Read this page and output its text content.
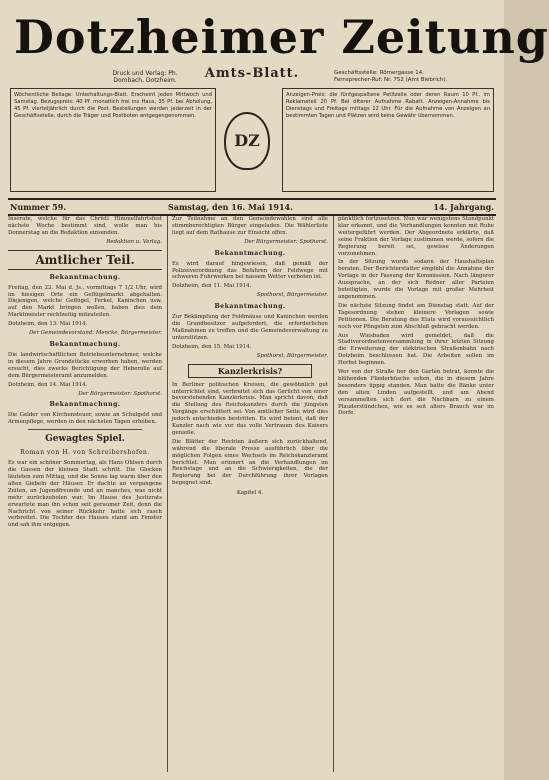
Dotzheimer Zeitung
Druck und Verlag: Ph. Dombach, Dotzheim.	Amts-Blatt.	Geschäftsstelle: Römergasse 14.
Fernsprecher-Ruf: Nr. 752 (Amt Biebrich).
Wöchentliche Beilage: Unterhaltungs-Blatt. Erscheint jeden Mittwoch und Samstag. Bezugspreis: 40 Pf. monatlich frei ins Haus, 35 Pf. bei Abholung, 45 Pf. vierteljährlich durch die Post. Bestellungen werden jederzeit in der Geschäftsstelle, durch die Träger und Postboten entgegengenommen.
DZ
Anzeigen-Preis: die fünfgespaltene Petitzeile oder deren Raum 10 Pf., im Reklameteil 20 Pf. Bei öfterer Aufnahme Rabatt. Anzeigen-Annahme bis Dienstags und Freitags mittags 12 Uhr. Für die Aufnahme von Anzeigen an bestimmten Tagen und Plätzen wird keine Gewähr übernommen.
Nummer 59.	Samstag, den 16. Mai 1914.	14. Jahrgang.

Inserate, welche für das Christi Himmelfahrtsfest nächste Woche bestimmt sind, wolle man bis Donnerstag an die Redaktion einsenden.

Redaktion u. Verlag.
Amtlicher Teil.
Bekanntmachung.

Freitag, den 22. Mai d. Js., vormittags 7 1/2 Uhr, wird im hiesigen Orte ein Geflügelmarkt abgehalten. Diejenigen, welche Geflügel, Ferkel, Kaninchen usw. auf den Markt bringen wollen, haben dies dem Marktmeister rechtzeitig mitzuteilen.

Dotzheim, den 13. Mai 1914.

Der Gemeindevorstand: Mencke, Bürgermeister.
Bekanntmachung.

Die landwirtschaftlichen Betriebsunternehmer, welche in diesem Jahre Grundstücke erworben haben, werden ersucht, dies zwecks Berichtigung der Heberolle auf dem Bürgermeisteramt anzumelden.

Dotzheim, den 14. Mai 1914.

Der Bürgermeister: Spothorst.
Bekanntmachung.

Die Gelder von Kirchensteuer, sowie an Schulgeld und Armenpflege, werden in den nächsten Tagen erhoben.

Gewagtes Spiel.
Roman von H. von Schreibershofen.

Es war ein schöner Sommertag, als Hans Ohlsen durch die Gassen der kleinen Stadt schritt. Die Glocken läuteten zum Mittag, und die Sonne lag warm über den alten Giebeln der Häuser. Er dachte an vergangene Zeiten, an Jugendfreunde und an manches, was nicht mehr zurückzuholen war. Im Hause des Justizrats erwartete man ihn schon seit geraumer Zeit, denn die Nachricht von seiner Rückkehr hatte sich rasch verbreitet. Die Tochter des Hauses stand am Fenster und sah ihm entgegen.

Zur Teilnahme an den Gemeindewahlen sind alle stimmberechtigten Bürger eingeladen. Die Wählerliste liegt auf dem Rathause zur Einsicht offen.

Der Bürgermeister: Spothorst.
Bekanntmachung.

Es wird darauf hingewiesen, daß gemäß der Polizeiverordnung das Befahren der Feldwege mit schweren Fuhrwerken bei nassem Wetter verboten ist.

Dotzheim, den 11. Mai 1914.

Spothorst, Bürgermeister.
Bekanntmachung.

Zur Bekämpfung der Feldmäuse und Kaninchen werden die Grundbesitzer aufgefordert, die erforderlichen Maßnahmen zu treffen und die Gemeindeverwaltung zu unterstützen.

Dotzheim, den 15. Mai 1914.

Spothorst, Bürgermeister.
Kanzlerkrisis?

In Berliner politischen Kreisen, die gewöhnlich gut unterrichtet sind, verbreitet sich das Gerücht von einer bevorstehenden Kanzlerkrisis. Man spricht davon, daß die Stellung des Reichskanzlers durch die jüngsten Vorgänge erschüttert sei. Von amtlicher Seite wird dies jedoch entschieden bestritten. Es wird betont, daß der Kanzler nach wie vor das volle Vertrauen des Kaisers genieße.

Die Blätter der Rechten äußern sich zurückhaltend, während die liberale Presse ausführlich über die möglichen Folgen eines Wechsels im Reichskanzleramt berichtet. Man erinnert an die Verhandlungen im Reichstage und an die Schwierigkeiten, die der Regierung bei der Durchführung ihrer Vorlagen begegnet sind.

Kapitel 4.

pünktlich fortzusetzen. Nun war wenigstens Standpunkt klar erkannt, und die Verhandlungen konnten mit Ruhe weitergeführt werden. Der Abgeordnete erklärte, daß seine Fraktion der Vorlage zustimmen werde, sofern die Regierung bereit sei, gewisse Änderungen vorzunehmen.

In der Sitzung wurde sodann der Haushaltsplan beraten. Der Berichterstatter empfahl die Annahme der Vorlage in der Fassung der Kommission. Nach längerer Aussprache, an der sich Redner aller Parteien beteiligten, wurde die Vorlage mit großer Mehrheit angenommen.

Die nächste Sitzung findet am Dienstag statt. Auf der Tagesordnung stehen kleinere Vorlagen sowie Petitionen. Die Beratung des Etats wird voraussichtlich noch vor Pfingsten zum Abschluß gebracht werden.

Aus Wiesbaden wird gemeldet, daß die Stadtverordnetenversammlung in ihrer letzten Sitzung die Erweiterung der elektrischen Straßenbahn nach Dotzheim beschlossen hat. Die Arbeiten sollen im Herbst beginnen.

Wer von der Straße her den Garten betrat, konnte die blühenden Fliederbüsche sehen, die in diesem Jahre besonders üppig standen. Man hatte die Bänke unter den alten Linden aufgestellt, und am Abend versammelten sich dort die Nachbarn zu einem Plauderstündchen, wie es seit alters Brauch war im Dorfe.
